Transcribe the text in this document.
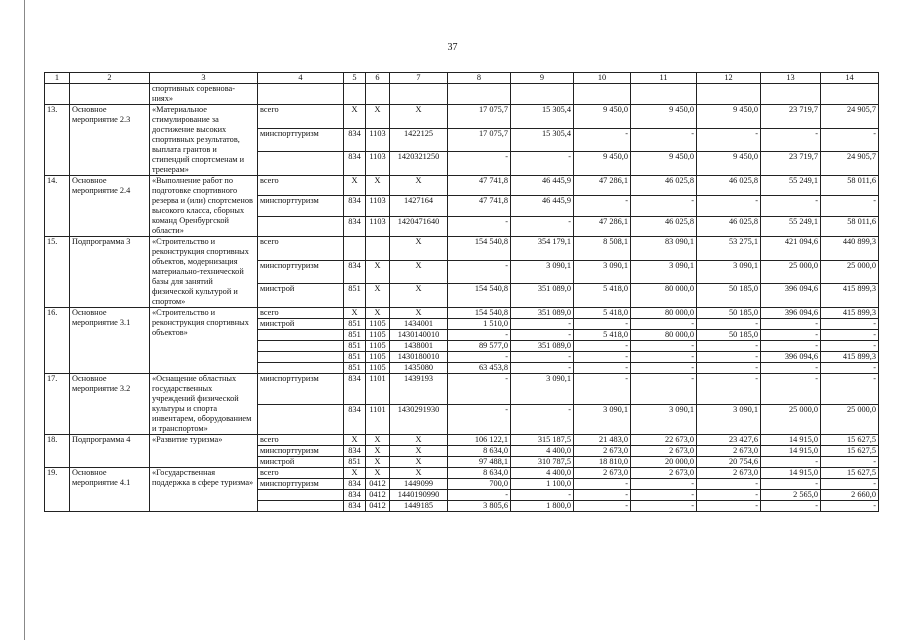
37
1	2	3	4	5	6	7	8	9	10	11	12	13	14
		спортивных соревнова-ниях»											
13.	Основное мероприятие 2.3	«Материальное стимулирование за достижение высоких спортивных результатов, выплата грантов и стипендий спортсменам и тренерам»	всего	Х	Х	Х	17 075,7	15 305,4	9 450,0	9 450,0	9 450,0	23 719,7	24 905,7
			минспорттуризм	834	1103	1422125	17 075,7	15 305,4	-	-	-	-	-
				834	1103	1420321250	-	-	9 450,0	9 450,0	9 450,0	23 719,7	24 905,7
14.	Основное мероприятие 2.4	«Выполнение работ по подготовке спортивного резерва и (или) спортсменов высокого класса, сборных команд Оренбургской области»	всего	Х	Х	Х	47 741,8	46 445,9	47 286,1	46 025,8	46 025,8	55 249,1	58 011,6
			минспорттуризм	834	1103	1427164	47 741,8	46 445,9	-	-	-	-	-
				834	1103	1420471640	-	-	47 286,1	46 025,8	46 025,8	55 249,1	58 011,6
15.	Подпрограмма 3	«Строительство и реконструкция спортивных объектов, модернизация материально-технической базы для занятий физической культурой и спортом»	всего			Х	154 540,8	354 179,1	8 508,1	83 090,1	53 275,1	421 094,6	440 899,3
			минспорттуризм	834	Х	Х	-	3 090,1	3 090,1	3 090,1	3 090,1	25 000,0	25 000,0
			минстрой	851	Х	Х	154 540,8	351 089,0	5 418,0	80 000,0	50 185,0	396 094,6	415 899,3
16.	Основное мероприятие 3.1	«Строительство и реконструкция спортивных объектов»	всего	Х	Х	Х	154 540,8	351 089,0	5 418,0	80 000,0	50 185,0	396 094,6	415 899,3
			минстрой	851	1105	1434001	1 510,0	-	-	-	-	-	-
				851	1105	1430140010	-	-	5 418,0	80 000,0	50 185,0	-	-
				851	1105	1438001	89 577,0	351 089,0	-	-	-	-	-
				851	1105	1430180010	-	-	-	-	-	396 094,6	415 899,3
				851	1105	1435080	63 453,8	-	-	-	-	-	-
17.	Основное мероприятие 3.2	«Оснащение областных государственных учреждений физической культуры и спорта инвентарем, оборудованием и транспортом»	минспорттуризм	834	1101	1439193	-	3 090,1	-	-	-	-	-
				834	1101	1430291930	-	-	3 090,1	3 090,1	3 090,1	25 000,0	25 000,0
18.	Подпрограмма 4	«Развитие туризма»	всего	Х	Х	Х	106 122,1	315 187,5	21 483,0	22 673,0	23 427,6	14 915,0	15 627,5
			минспорттуризм	834	Х	Х	8 634,0	4 400,0	2 673,0	2 673,0	2 673,0	14 915,0	15 627,5
			минстрой	851	Х	Х	97 488,1	310 787,5	18 810,0	20 000,0	20 754,6	-	-
19.	Основное мероприятие 4.1	«Государственная поддержка в сфере туризма»	всего	Х	Х	Х	8 634,0	4 400,0	2 673,0	2 673,0	2 673,0	14 915,0	15 627,5
			минспорттуризм	834	0412	1449099	700,0	1 100,0	-	-	-	-	-
				834	0412	1440190990	-	-	-	-	-	2 565,0	2 660,0
				834	0412	1449185	3 805,6	1 800,0	-	-	-	-	-
